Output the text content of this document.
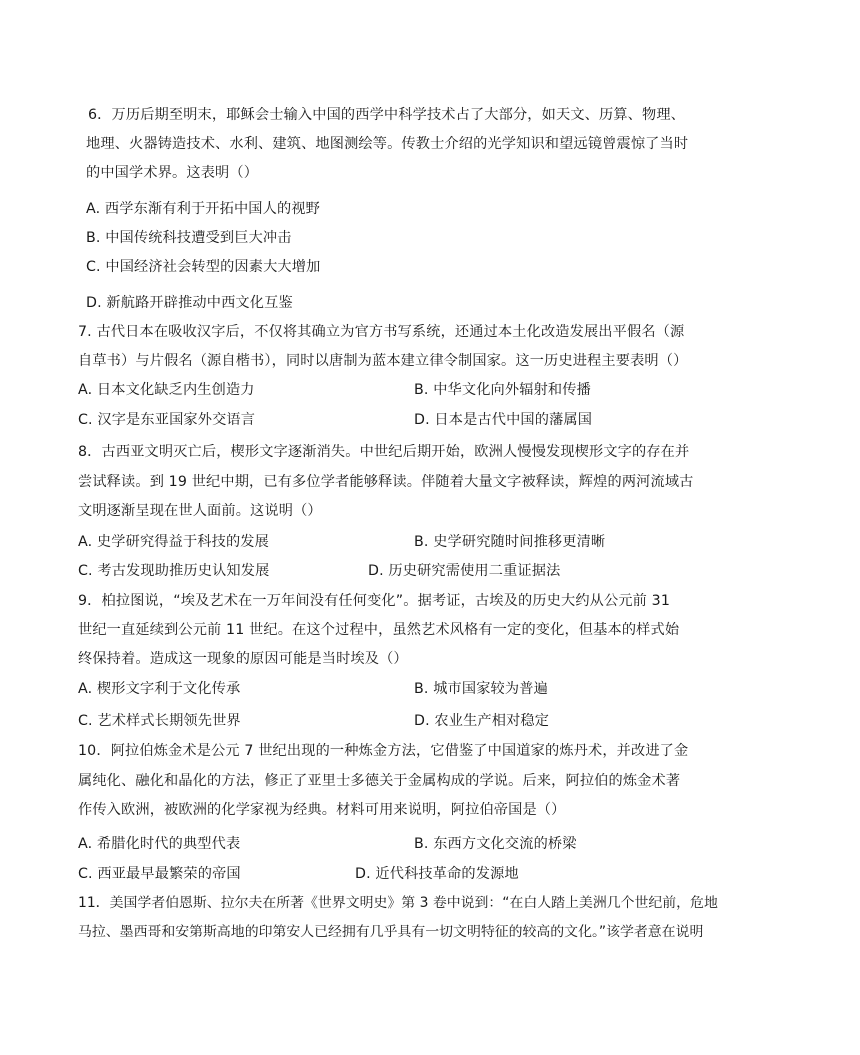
6．万历后期至明末，耶稣会士输入中国的西学中科学技术占了大部分，如天文、历算、物理、
地理、火器铸造技术、水利、建筑、地图测绘等。传教士介绍的光学知识和望远镜曾震惊了当时
的中国学术界。这表明（）
A. 西学东渐有利于开拓中国人的视野
B. 中国传统科技遭受到巨大冲击
C. 中国经济社会转型的因素大大增加
D. 新航路开辟推动中西文化互鉴
7. 古代日本在吸收汉字后，不仅将其确立为官方书写系统，还通过本土化改造发展出平假名（源
自草书）与片假名（源自楷书），同时以唐制为蓝本建立律令制国家。这一历史进程主要表明（）
A. 日本文化缺乏内生创造力	B. 中华文化向外辐射和传播
C. 汉字是东亚国家外交语言	D. 日本是古代中国的藩属国
8．古西亚文明灭亡后，楔形文字逐渐消失。中世纪后期开始，欧洲人慢慢发现楔形文字的存在并
尝试释读。到 19 世纪中期，已有多位学者能够释读。伴随着大量文字被释读，辉煌的两河流域古
文明逐渐呈现在世人面前。这说明（）
A. 史学研究得益于科技的发展	B. 史学研究随时间推移更清晰
C. 考古发现助推历史认知发展	D. 历史研究需使用二重证据法
9．柏拉图说，“埃及艺术在一万年间没有任何变化”。据考证，古埃及的历史大约从公元前 31
世纪一直延续到公元前 11 世纪。在这个过程中，虽然艺术风格有一定的变化，但基本的样式始
终保持着。造成这一现象的原因可能是当时埃及（）
A. 楔形文字利于文化传承	B. 城市国家较为普遍
C. 艺术样式长期领先世界	D. 农业生产相对稳定
10．阿拉伯炼金术是公元 7 世纪出现的一种炼金方法，它借鉴了中国道家的炼丹术，并改进了金
属纯化、融化和晶化的方法，修正了亚里士多德关于金属构成的学说。后来，阿拉伯的炼金术著
作传入欧洲，被欧洲的化学家视为经典。材料可用来说明，阿拉伯帝国是（）
A. 希腊化时代的典型代表	B. 东西方文化交流的桥梁
C. 西亚最早最繁荣的帝国	D. 近代科技革命的发源地
11．美国学者伯恩斯、拉尔夫在所著《世界文明史》第 3 卷中说到：“在白人踏上美洲几个世纪前，危地
马拉、墨西哥和安第斯高地的印第安人已经拥有几乎具有一切文明特征的较高的文化。”该学者意在说明
